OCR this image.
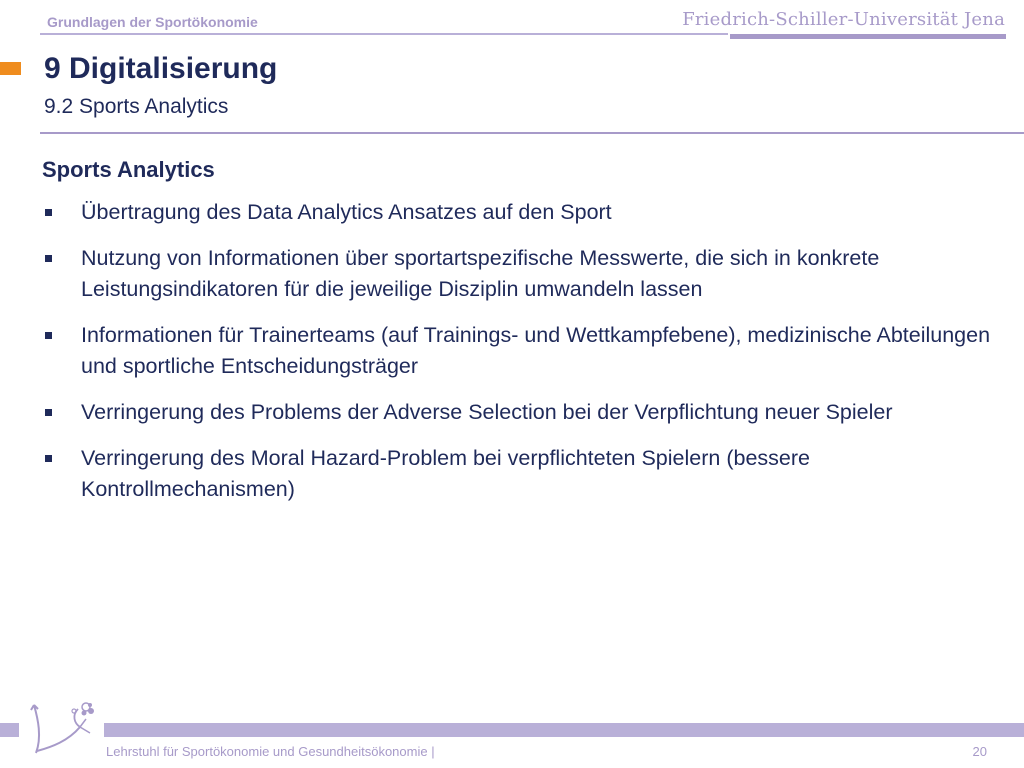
Grundlagen der Sportökonomie	Friedrich-Schiller-Universität Jena
9 Digitalisierung
9.2 Sports Analytics
Sports Analytics
Übertragung des Data Analytics Ansatzes auf den Sport
Nutzung von Informationen über sportartspezifische Messwerte, die sich in konkrete Leistungsindikatoren für die jeweilige Disziplin umwandeln lassen
Informationen für Trainerteams (auf Trainings- und Wettkampfebene), medizinische Abteilungen und sportliche Entscheidungsträger
Verringerung des Problems der Adverse Selection bei der Verpflichtung neuer Spieler
Verringerung des Moral Hazard-Problem bei verpflichteten Spielern (bessere Kontrollmechanismen)
Lehrstuhl für Sportökonomie und Gesundheitsökonomie |	20
